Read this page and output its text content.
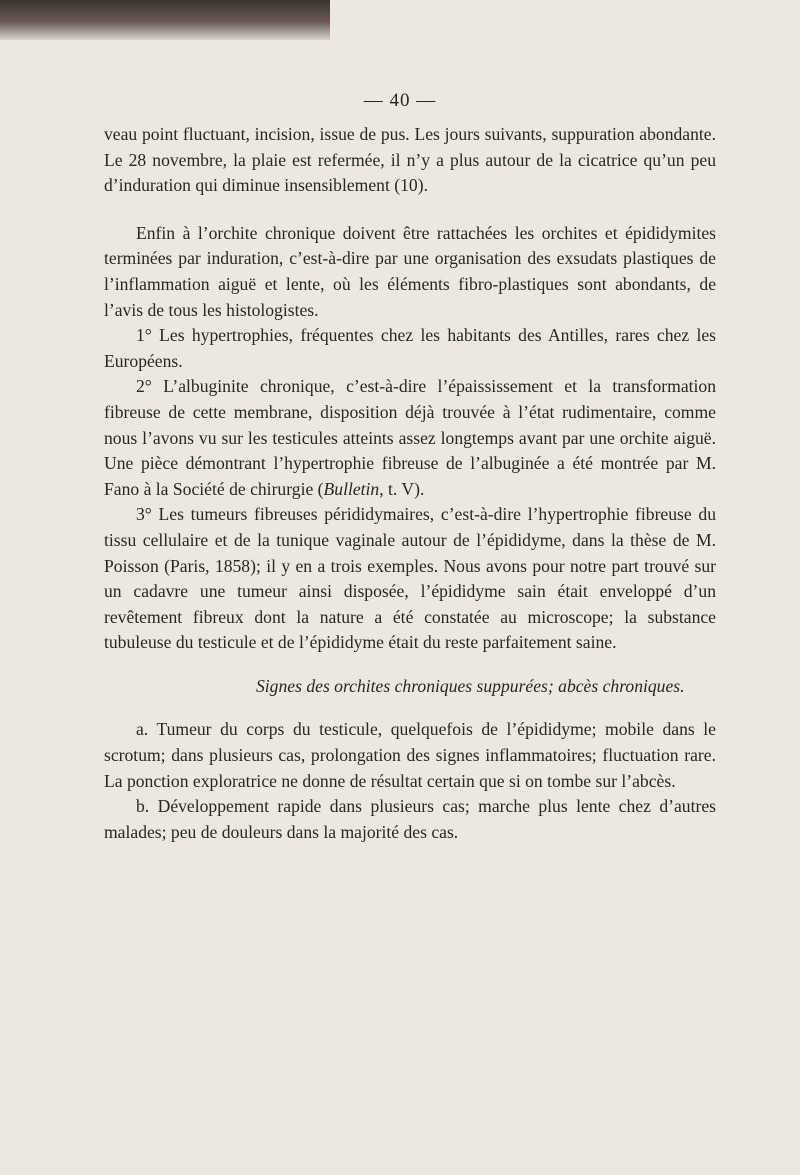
— 40 —

veau point fluctuant, incision, issue de pus. Les jours suivants, suppuration abondante. Le 28 novembre, la plaie est refermée, il n’y a plus autour de la cicatrice qu’un peu d’induration qui diminue insensiblement (10).

Enfin à l’orchite chronique doivent être rattachées les orchites et épididymites terminées par induration, c’est-à-dire par une organisation des exsudats plastiques de l’inflammation aiguë et lente, où les éléments fibro-plastiques sont abondants, de l’avis de tous les histologistes.

1° Les hypertrophies, fréquentes chez les habitants des Antilles, rares chez les Européens.

2° L’albuginite chronique, c’est-à-dire l’épaississement et la transformation fibreuse de cette membrane, disposition déjà trouvée à l’état rudimentaire, comme nous l’avons vu sur les testicules atteints assez longtemps avant par une orchite aiguë. Une pièce démontrant l’hypertrophie fibreuse de l’albuginée a été montrée par M. Fano à la Société de chirurgie (Bulletin, t. V).

3° Les tumeurs fibreuses pérididymaires, c’est-à-dire l’hypertrophie fibreuse du tissu cellulaire et de la tunique vaginale autour de l’épididyme, dans la thèse de M. Poisson (Paris, 1858); il y en a trois exemples. Nous avons pour notre part trouvé sur un cadavre une tumeur ainsi disposée, l’épididyme sain était enveloppé d’un revêtement fibreux dont la nature a été constatée au microscope; la substance tubuleuse du testicule et de l’épididyme était du reste parfaitement saine.

Signes des orchites chroniques suppurées; abcès chroniques.

a. Tumeur du corps du testicule, quelquefois de l’épididyme; mobile dans le scrotum; dans plusieurs cas, prolongation des signes inflammatoires; fluctuation rare. La ponction exploratrice ne donne de résultat certain que si on tombe sur l’abcès.

b. Développement rapide dans plusieurs cas; marche plus lente chez d’autres malades; peu de douleurs dans la majorité des cas.
